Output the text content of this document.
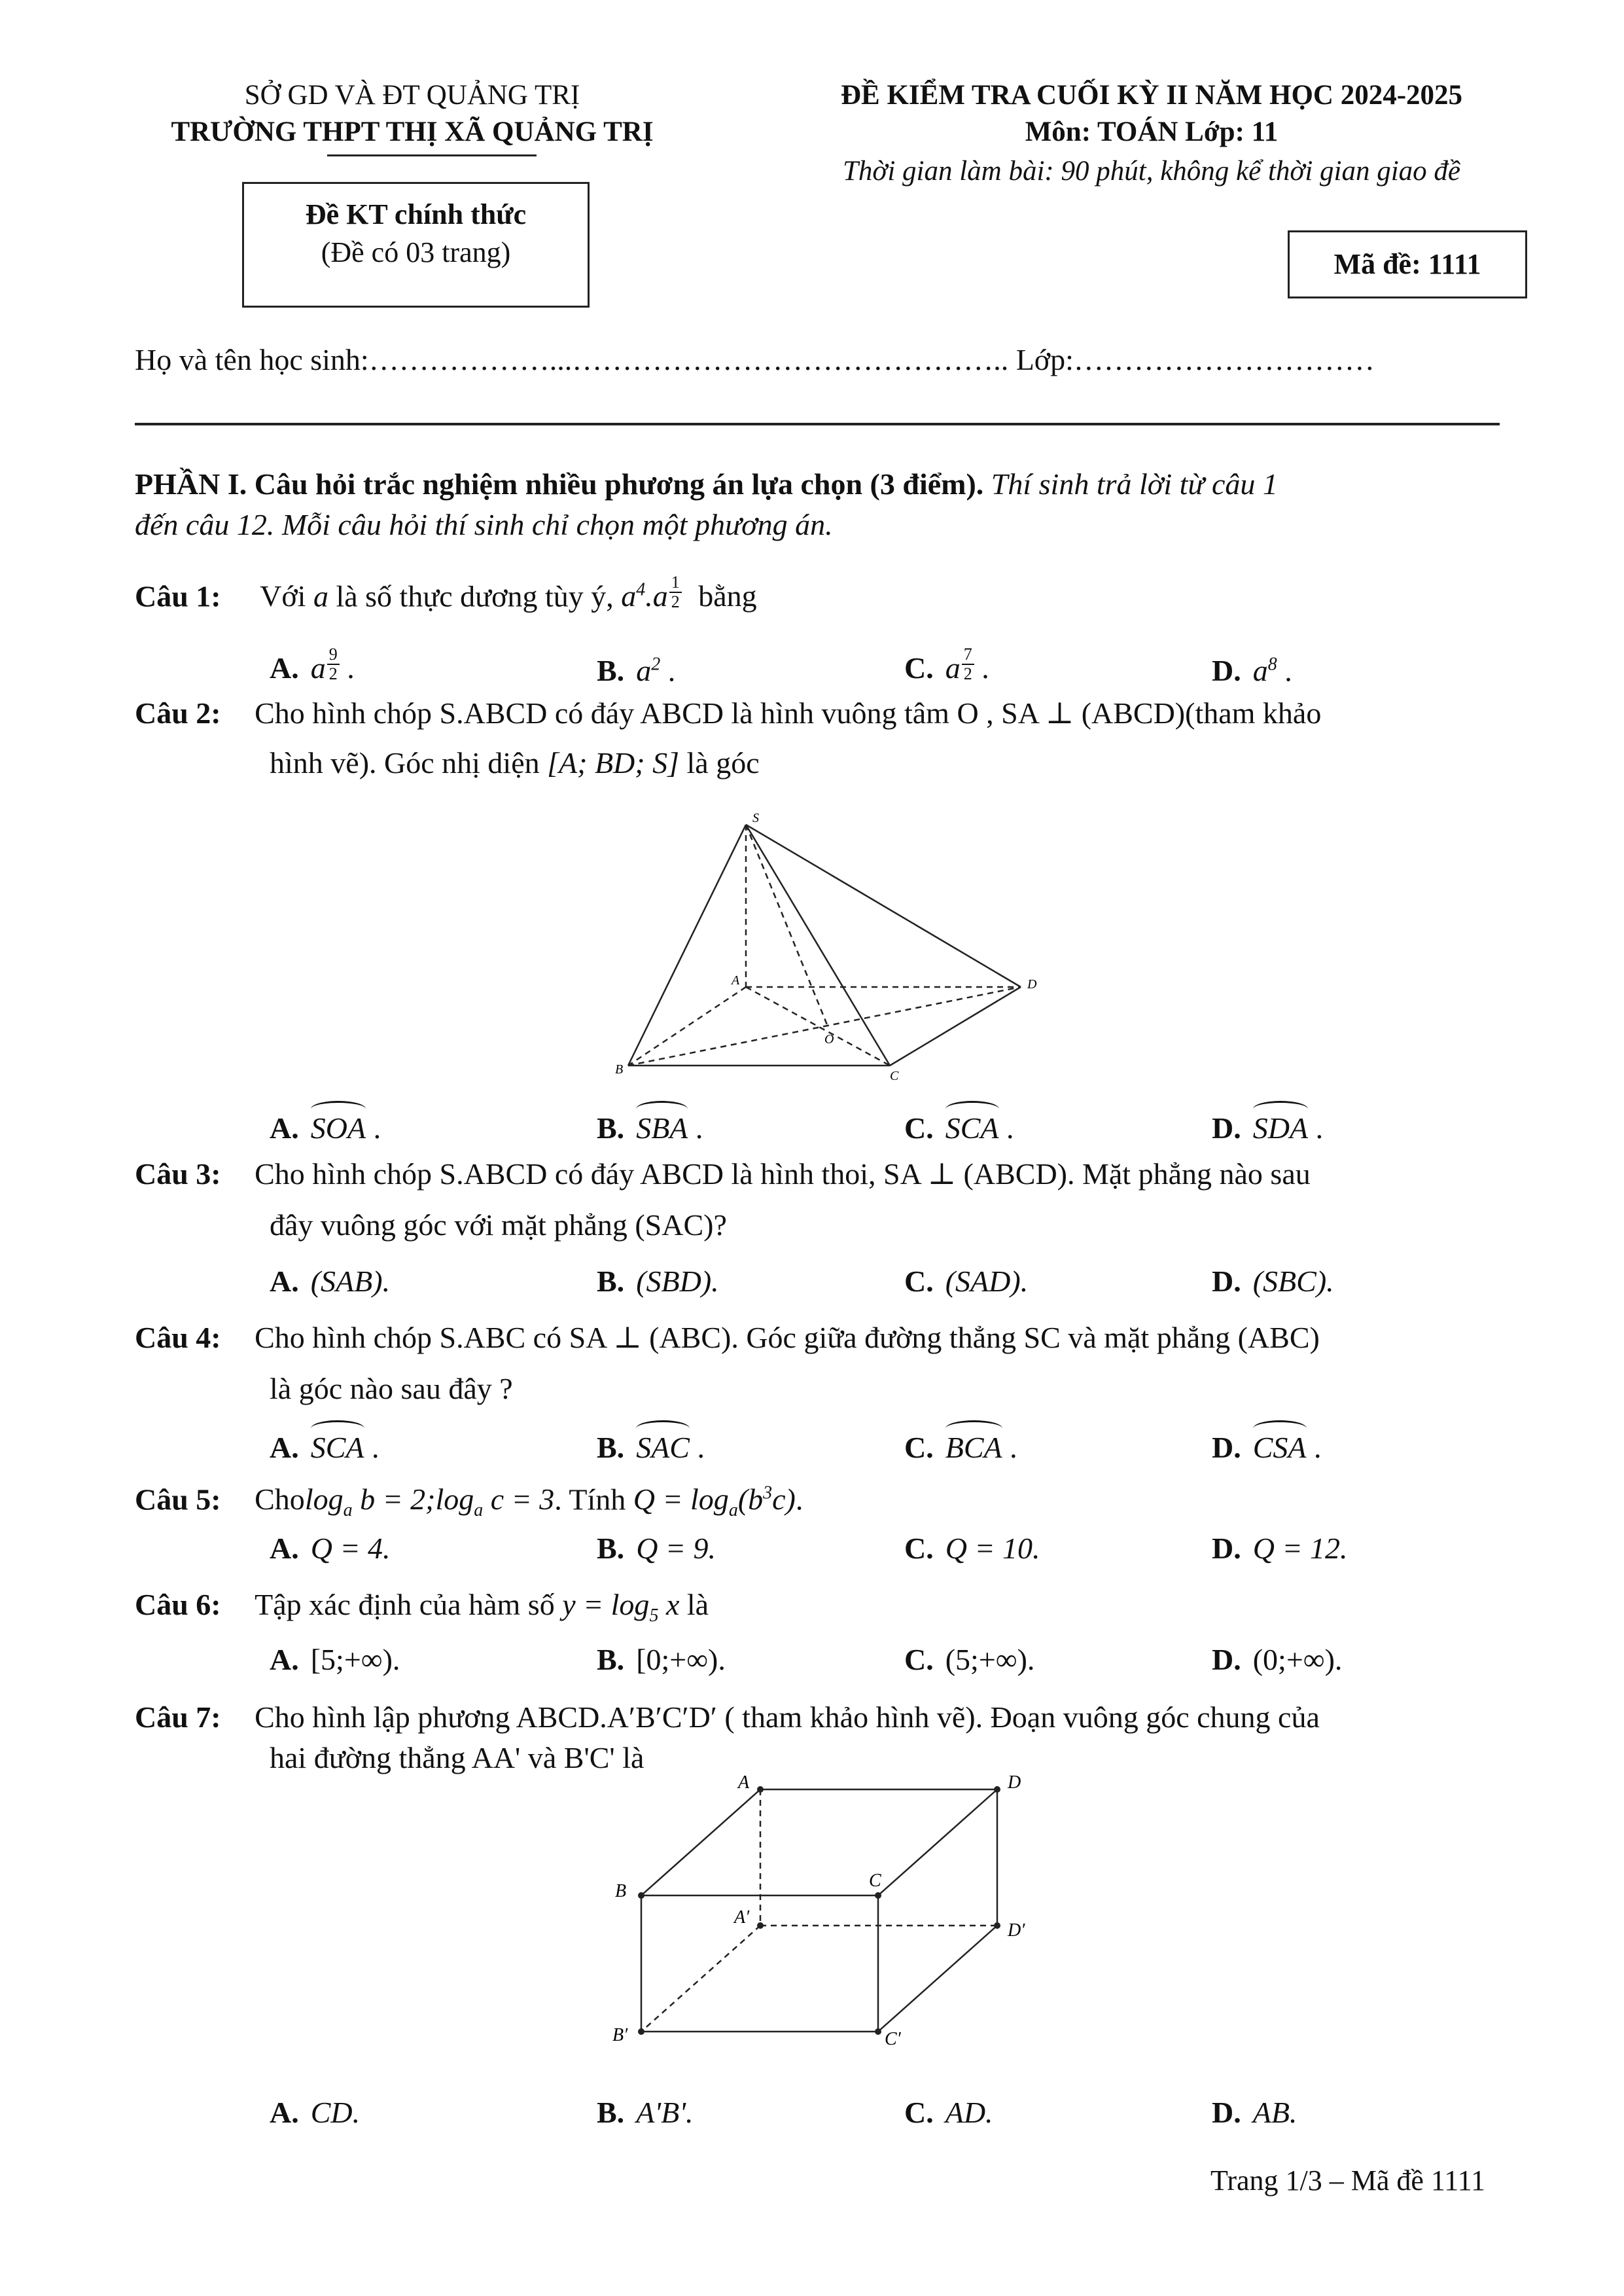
SỞ GD VÀ ĐT QUẢNG TRỊ
TRƯỜNG THPT THỊ XÃ QUẢNG TRỊ
ĐỀ KIỂM TRA CUỐI KỲ II NĂM HỌC 2024-2025
Môn: TOÁN Lớp: 11
Thời gian làm bài: 90 phút, không kể thời gian giao đề
Đề KT chính thức
(Đề có 03 trang)	Mã đề: 1111
Họ và tên học sinh:………………...…………………………………….. Lớp:…………………………
PHẦN I. Câu hỏi trắc nghiệm nhiều phương án lựa chọn (3 điểm). Thí sinh trả lời từ câu 1
đến câu 12. Mỗi câu hỏi thí sinh chỉ chọn một phương án.
Câu 1: Với a là số thực dương tùy ý, $a^4.a \frac{1}{2}$ bằng
A. a $\frac{9}{2}$ .	B. $a^2$ .	C. a $\frac{7}{2}$ .	D. $a^8$ .
Câu 2: Cho hình chóp S.ABCD có đáy ABCD là hình vuông tâm O , SA ⊥ (ABCD)(tham khảo
hình vẽ). Góc nhị diện [A; BD; S] là góc
S
A	D
O
B	C
A. SOA .	B. SBA .	C. SCA .	D. SDA .
Câu 3: Cho hình chóp S.ABCD có đáy ABCD là hình thoi, SA ⊥ (ABCD). Mặt phẳng nào sau
đây vuông góc với mặt phẳng (SAC)?
A. (SAB).	B. (SBD).	C. (SAD).	D. (SBC).
Câu 4: Cho hình chóp S.ABC có SA ⊥ (ABC). Góc giữa đường thẳng SC và mặt phẳng (ABC)
là góc nào sau đây ?
A. SCA .	B. SAC .	C. BCA .	D. CSA .
Câu 5: Cholog$_a$ $b = 2;\log_a$ c = 3. Tính $Q = \log_a(b^3c)$.
A. Q = 4.	B. Q = 9.	C. Q = 10.	D. Q = 12.
Câu 6: Tập xác định của hàm số $y = \log_5 x$ là
A. [5;+∞).	B. [0;+∞).	C. (5;+∞).	D. (0;+∞).
Câu 7: Cho hình lập phương ABCD.A′B′C′D′ ( tham khảo hình vẽ). Đoạn vuông góc chung của
hai đường thẳng AA' và B'C' là
A	D
B
C
A′
D′
B′	C′
A. CD.	B. A'B'.	C. AD.	D. AB.
Trang 1/3 – Mã đề 1111
